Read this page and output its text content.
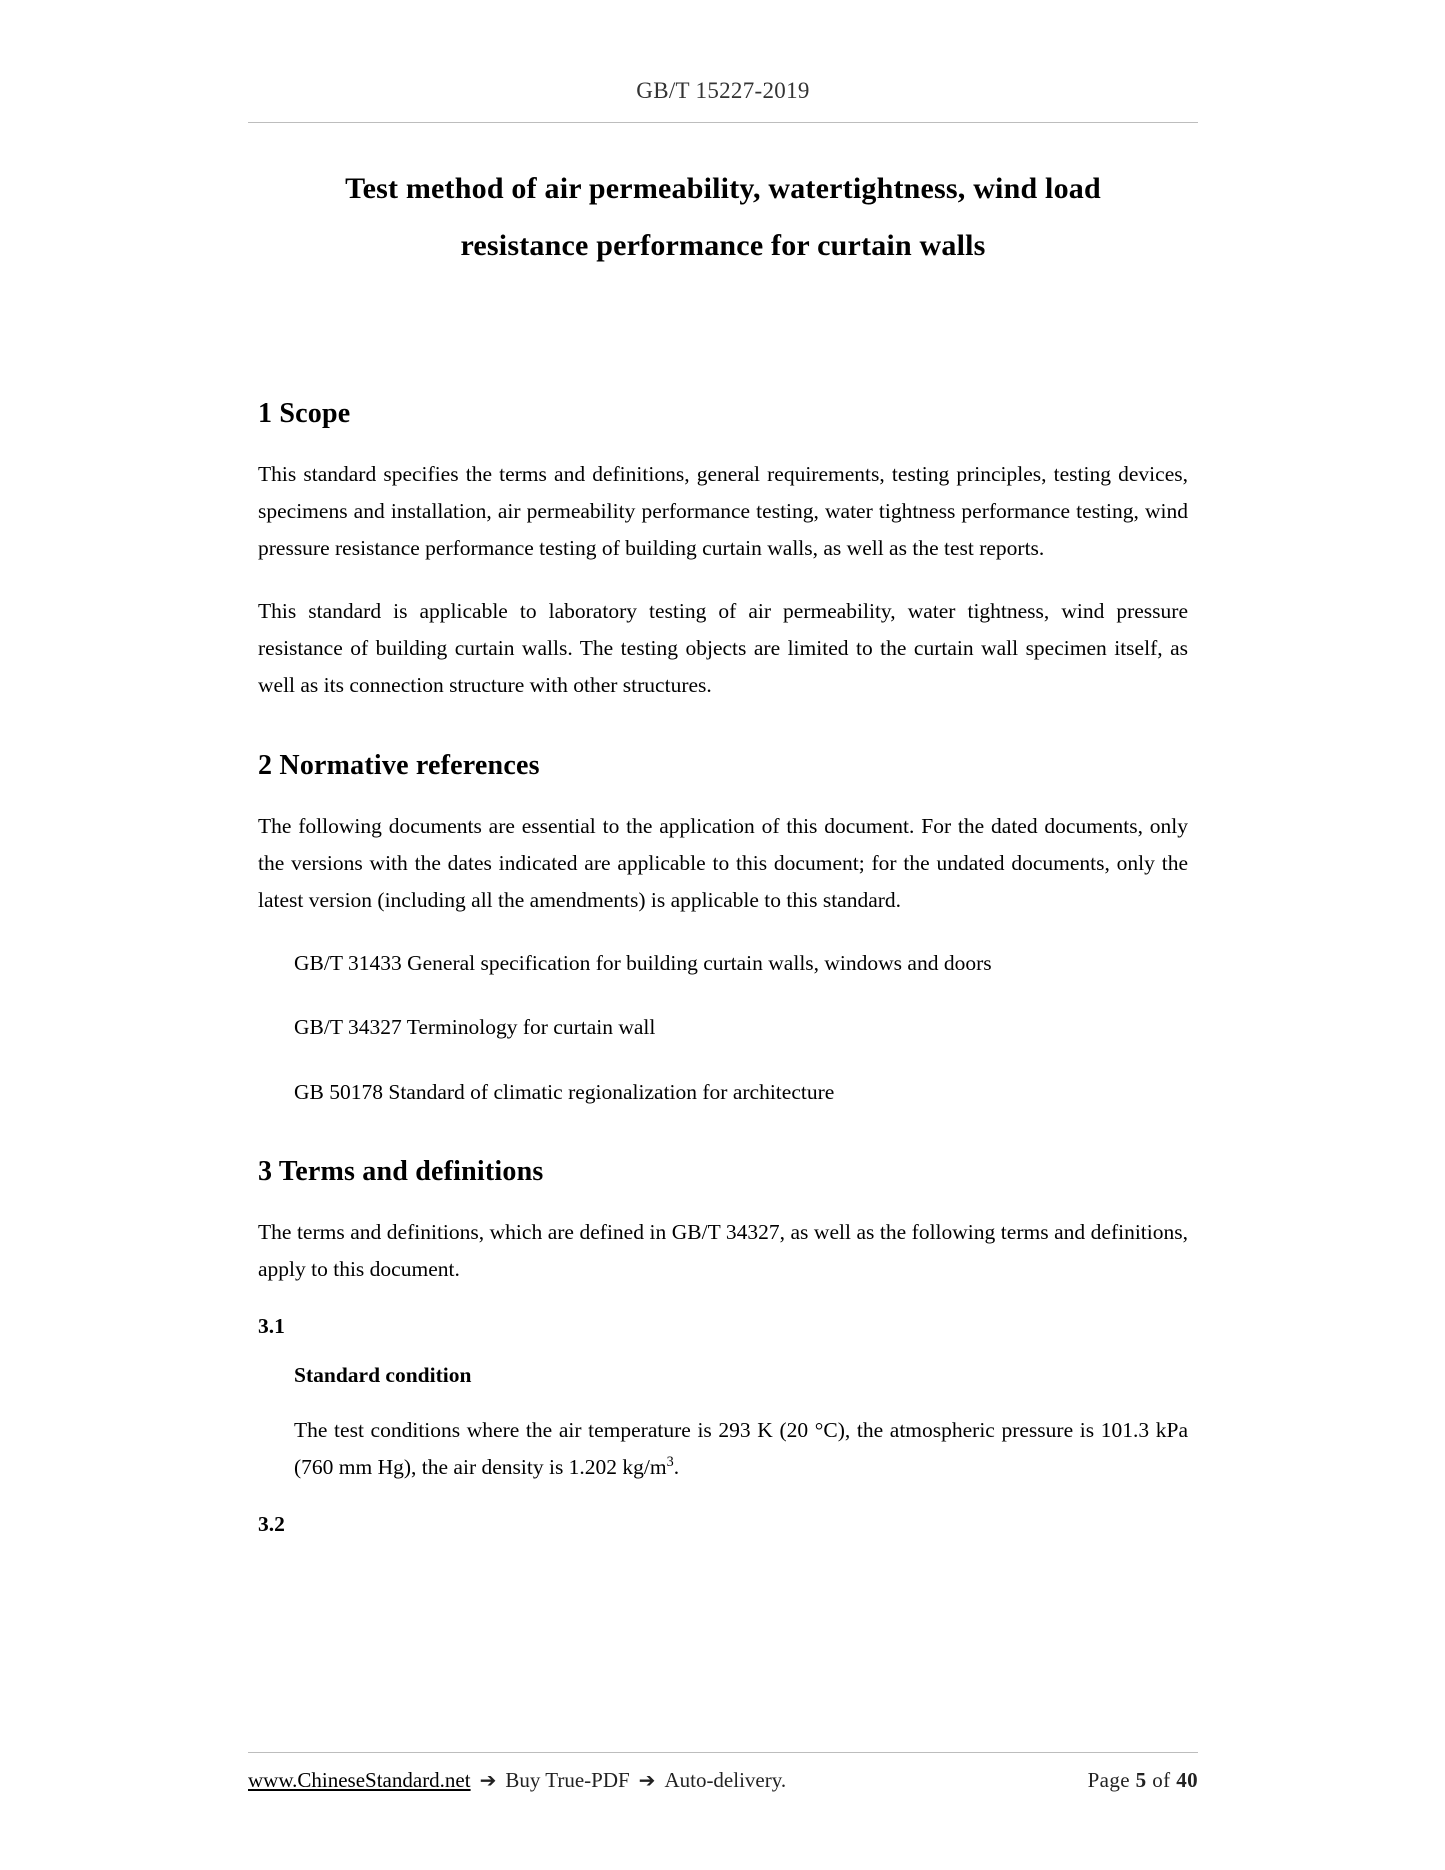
GB/T 15227-2019
Test method of air permeability, watertightness, wind load
resistance performance for curtain walls
1 Scope

This standard specifies the terms and definitions, general requirements, testing principles, testing devices, specimens and installation, air permeability performance testing, water tightness performance testing, wind pressure resistance performance testing of building curtain walls, as well as the test reports.

This standard is applicable to laboratory testing of air permeability, water tightness, wind pressure resistance of building curtain walls. The testing objects are limited to the curtain wall specimen itself, as well as its connection structure with other structures.

2 Normative references

The following documents are essential to the application of this document. For the dated documents, only the versions with the dates indicated are applicable to this document; for the undated documents, only the latest version (including all the amendments) is applicable to this standard.

GB/T 31433 General specification for building curtain walls, windows and doors

GB/T 34327 Terminology for curtain wall

GB 50178 Standard of climatic regionalization for architecture

3 Terms and definitions

The terms and definitions, which are defined in GB/T 34327, as well as the following terms and definitions, apply to this document.

3.1

Standard condition

The test conditions where the air temperature is 293 K (20 °C), the atmospheric pressure is 101.3 kPa (760 mm Hg), the air density is 1.202 $kg/m^3$.

3.2

www.ChineseStandard.net ➔ Buy True-PDF ➔ Auto-delivery.	Page 5 of 40
